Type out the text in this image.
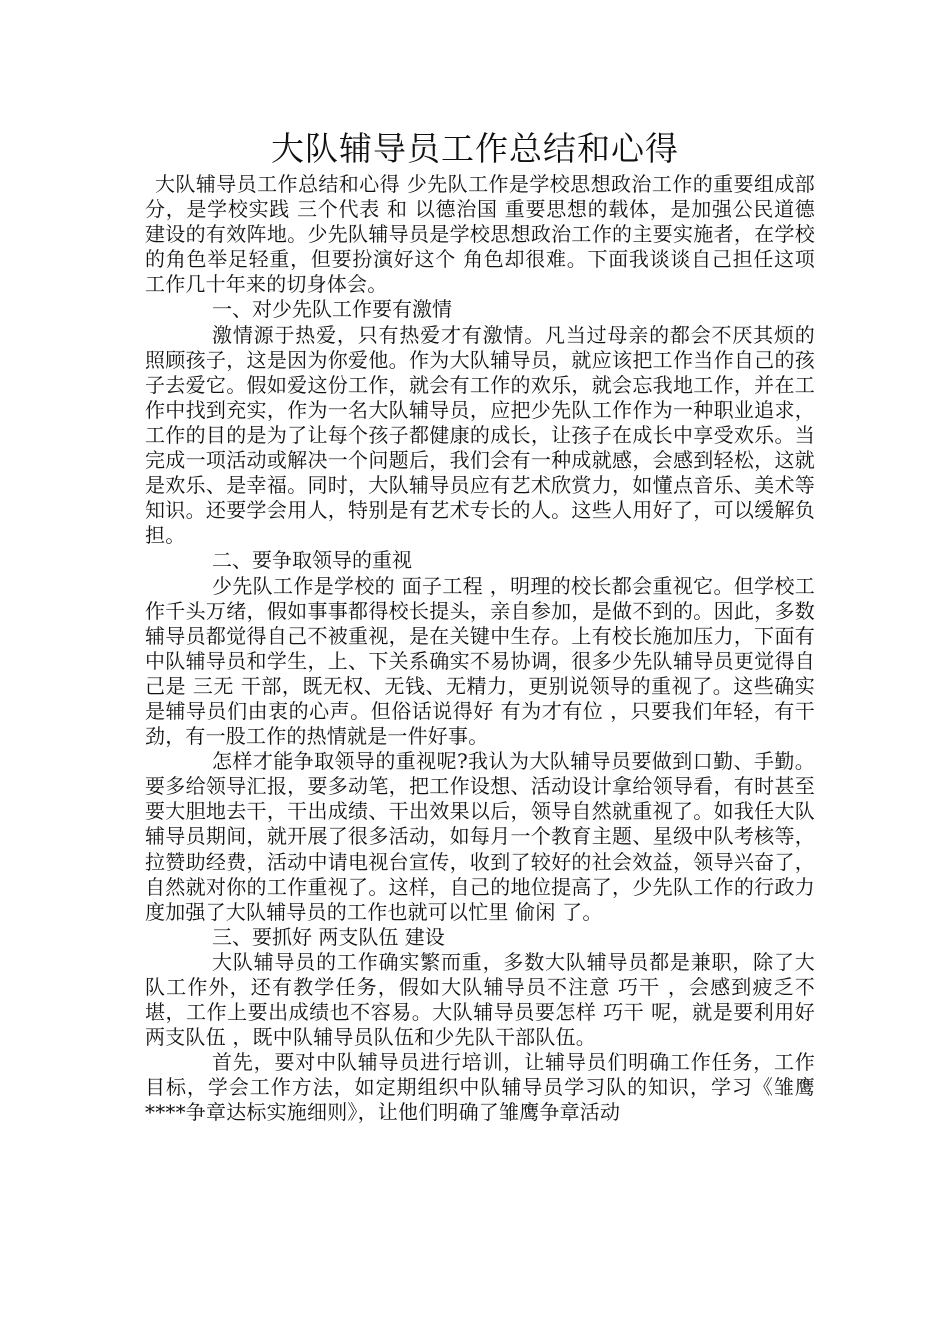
大队辅导员工作总结和心得

大队辅导员工作总结和心得 少先队工作是学校思想政治工作的重要组成部分，是学校实践 三个代表 和 以德治国 重要思想的载体，是加强公民道德建设的有效阵地。少先队辅导员是学校思想政治工作的主要实施者，在学校的角色举足轻重，但要扮演好这个 角色却很难。下面我谈谈自己担任这项工作几十年来的切身体会。

一、对少先队工作要有激情

激情源于热爱，只有热爱才有激情。凡当过母亲的都会不厌其烦的照顾孩子，这是因为你爱他。作为大队辅导员，就应该把工作当作自己的孩子去爱它。假如爱这份工作，就会有工作的欢乐，就会忘我地工作，并在工作中找到充实，作为一名大队辅导员，应把少先队工作作为一种职业追求，工作的目的是为了让每个孩子都健康的成长，让孩子在成长中享受欢乐。当完成一项活动或解决一个问题后，我们会有一种成就感，会感到轻松，这就是欢乐、是幸福。同时，大队辅导员应有艺术欣赏力，如懂点音乐、美术等知识。还要学会用人，特别是有艺术专长的人。这些人用好了，可以缓解负担。

二、要争取领导的重视

少先队工作是学校的 面子工程 ，明理的校长都会重视它。但学校工作千头万绪，假如事事都得校长提头，亲自参加，是做不到的。因此，多数辅导员都觉得自己不被重视，是在关键中生存。上有校长施加压力，下面有中队辅导员和学生，上、下关系确实不易协调，很多少先队辅导员更觉得自己是 三无 干部，既无权、无钱、无精力，更别说领导的重视了。这些确实是辅导员们由衷的心声。但俗话说得好 有为才有位 ，只要我们年轻，有干劲，有一股工作的热情就是一件好事。

怎样才能争取领导的重视呢?我认为大队辅导员要做到口勤、手勤。要多给领导汇报，要多动笔，把工作设想、活动设计拿给领导看，有时甚至要大胆地去干，干出成绩、干出效果以后，领导自然就重视了。如我任大队辅导员期间，就开展了很多活动，如每月一个教育主题、星级中队考核等，拉赞助经费，活动中请电视台宣传，收到了较好的社会效益，领导兴奋了，自然就对你的工作重视了。这样，自己的地位提高了，少先队工作的行政力度加强了大队辅导员的工作也就可以忙里 偷闲 了。

三、要抓好 两支队伍 建设

大队辅导员的工作确实繁而重，多数大队辅导员都是兼职，除了大队工作外，还有教学任务，假如大队辅导员不注意 巧干 ，会感到疲乏不堪，工作上要出成绩也不容易。大队辅导员要怎样 巧干 呢，就是要利用好 两支队伍 ，既中队辅导员队伍和少先队干部队伍。

首先，要对中队辅导员进行培训，让辅导员们明确工作任务，工作目标，学会工作方法，如定期组织中队辅导员学习队的知识，学习《雏鹰****争章达标实施细则》，让他们明确了雏鹰争章活动
